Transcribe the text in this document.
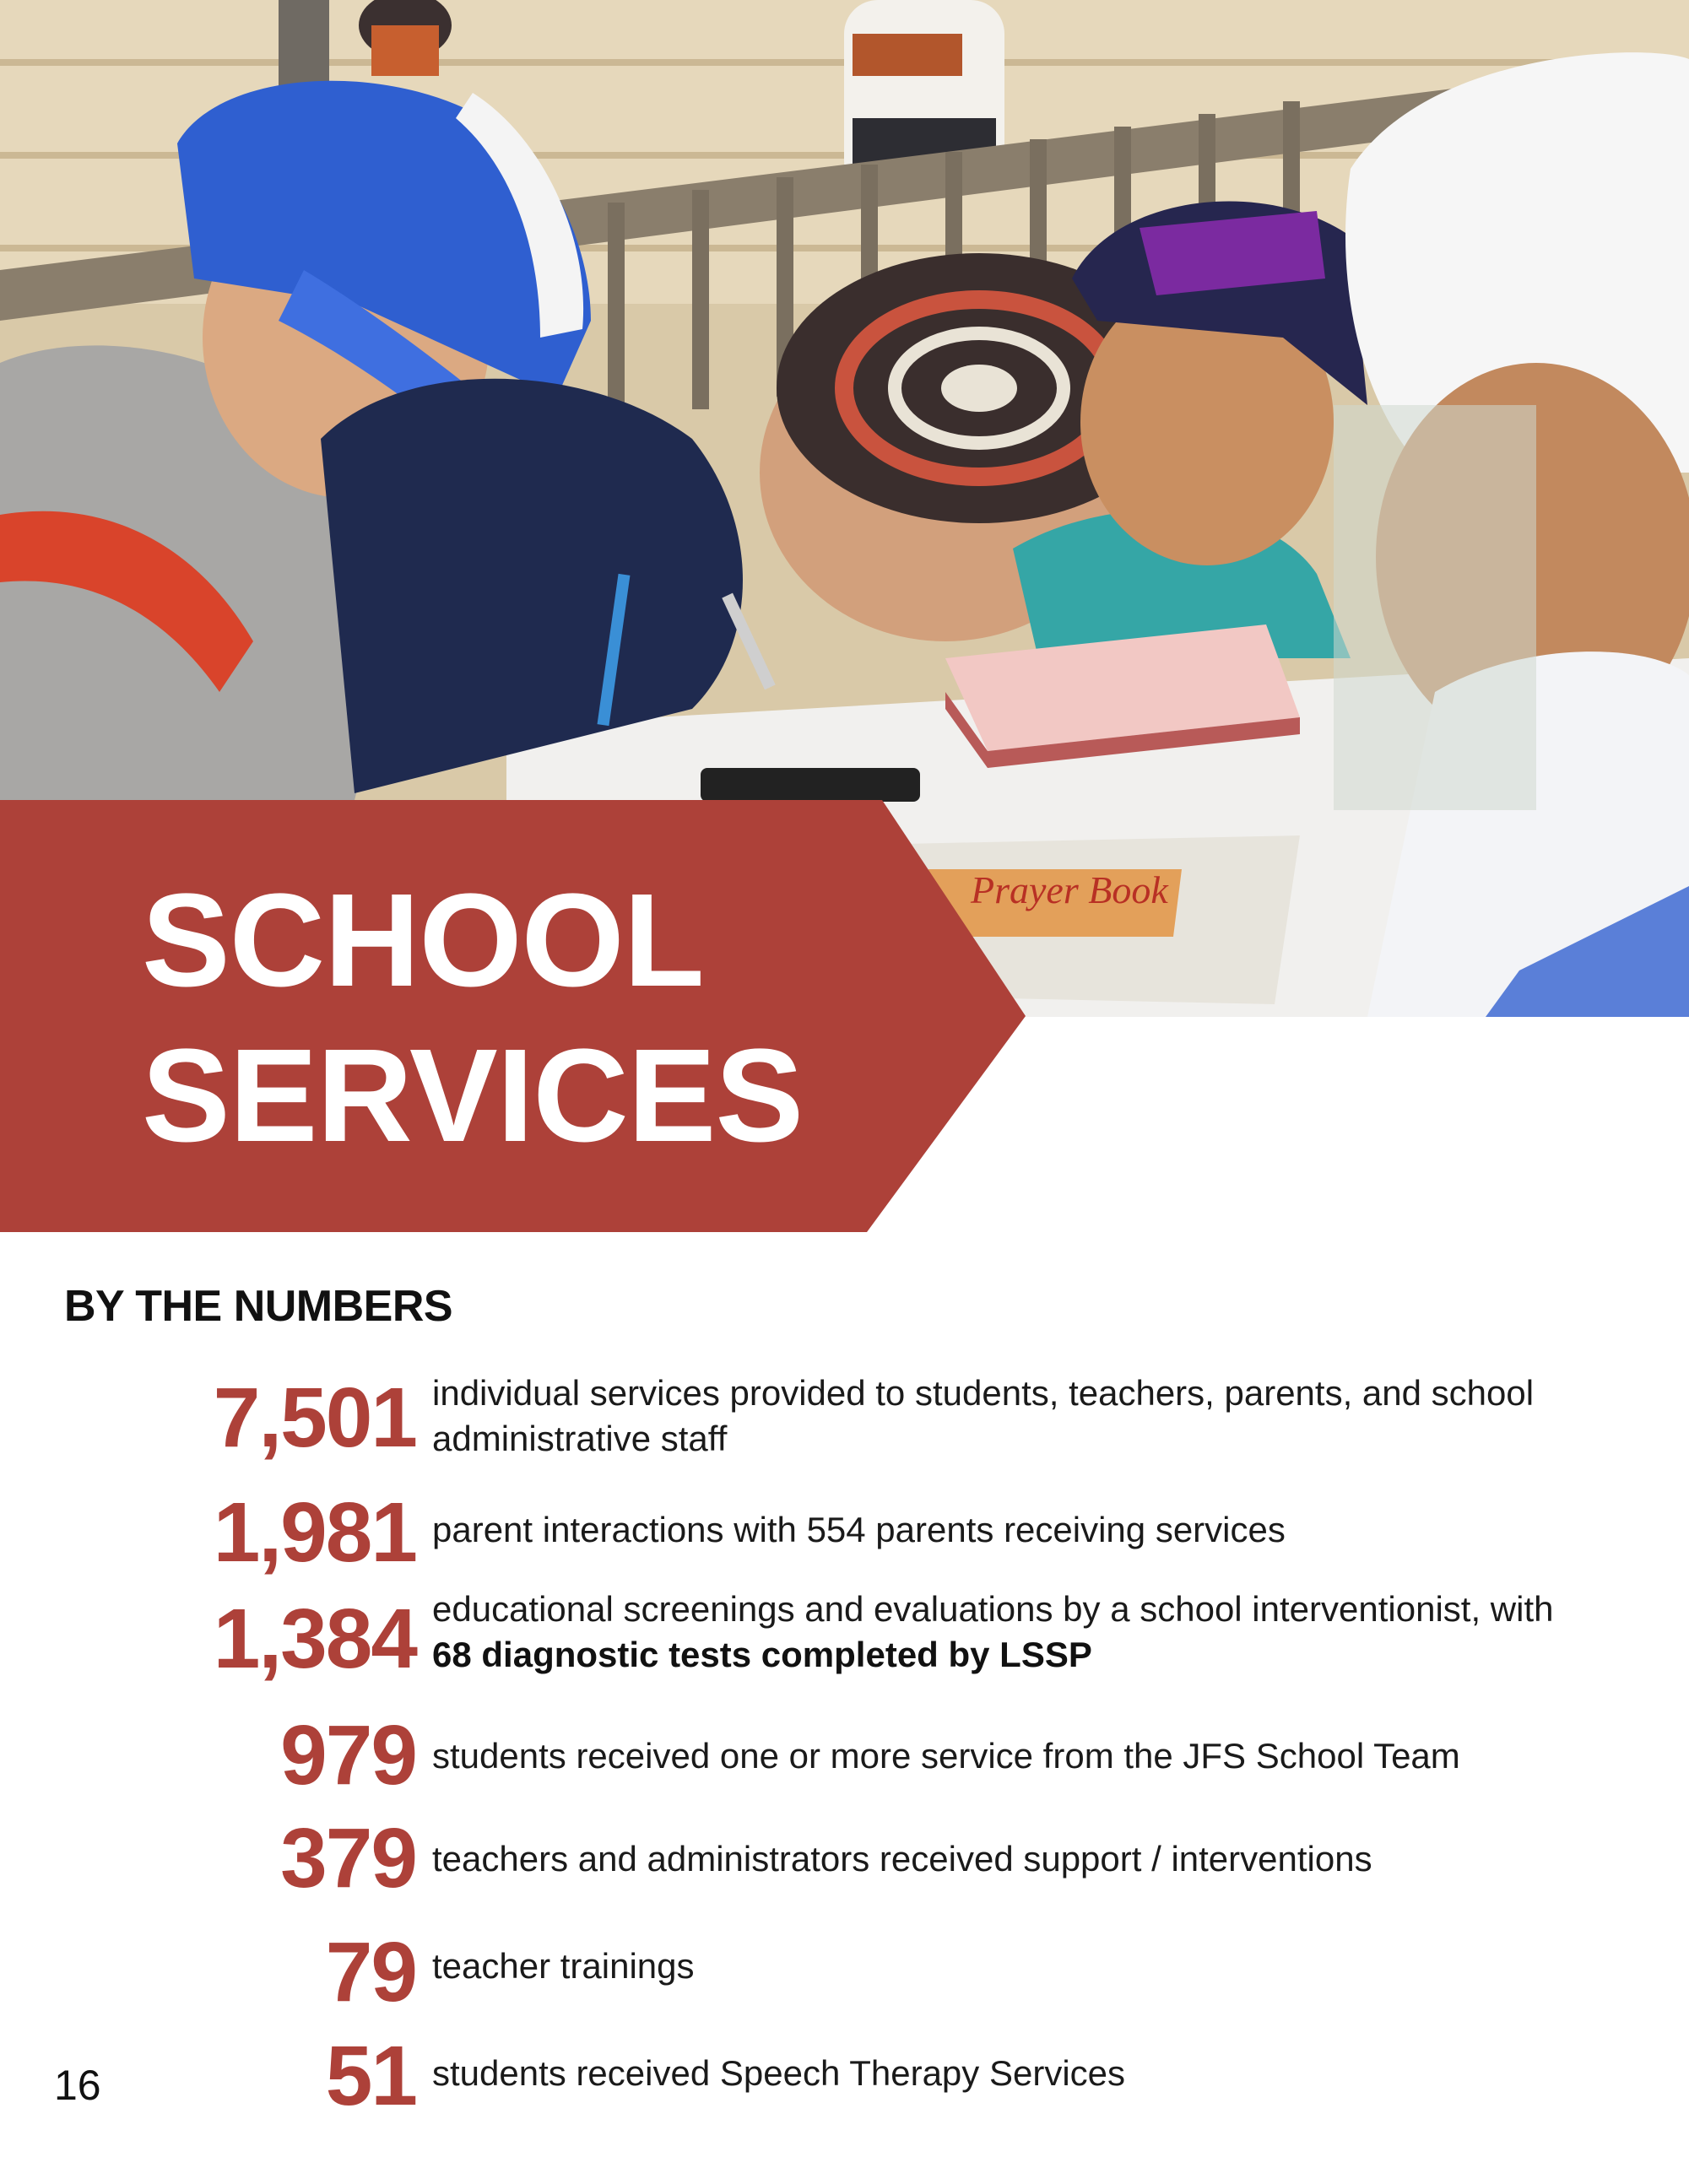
Prayer Book
SCHOOL
SERVICES
BY THE NUMBERS
7,501 individual services provided to students, teachers, parents, and school
administrative staff
1,981 parent interactions with 554 parents receiving services
1,384 educational screenings and evaluations by a school interventionist, with
68 diagnostic tests completed by LSSP
979 students received one or more service from the JFS School Team
379 teachers and administrators received support / interventions
79 teacher trainings
51 students received Speech Therapy Services
16
